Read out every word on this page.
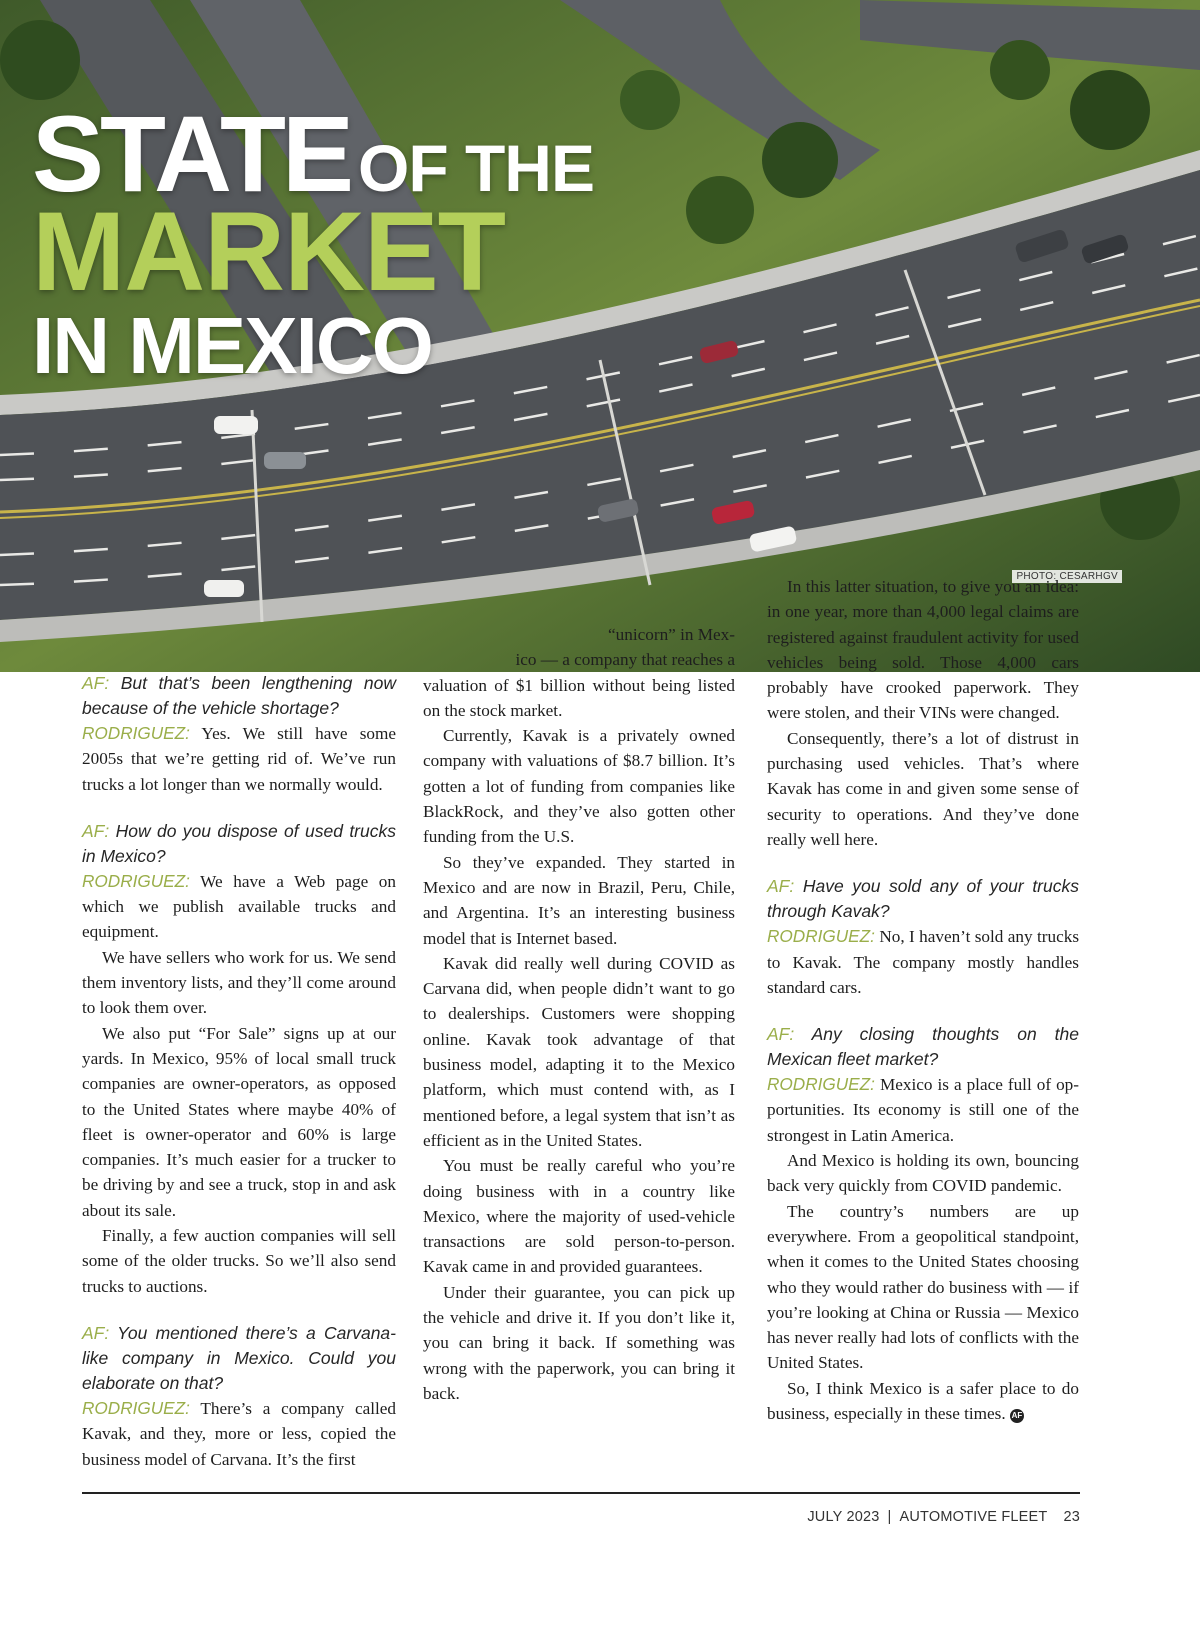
STATE OF THE
MARKET
IN MEXICO
PHOTO: CESARHGV

AF: But that’s been lengthening now because of the vehicle shortage?

RODRIGUEZ: Yes. We still have some 2005s that we’re getting rid of. We’ve run trucks a lot longer than we normally would.

AF: How do you dispose of used trucks in Mexico?

RODRIGUEZ: We have a Web page on which we publish available trucks and equipment.

We have sellers who work for us. We send them inventory lists, and they’ll come around to look them over.

We also put “For Sale” signs up at our yards. In Mexico, 95% of local small truck companies are owner-operators, as opposed to the United States where maybe 40% of fleet is owner-operator and 60% is large companies. It’s much easier for a trucker to be driving by and see a truck, stop in and ask about its sale.

Finally, a few auction companies will sell some of the older trucks. So we’ll also send trucks to auctions.

AF: You mentioned there’s a Carvana-like company in Mexico. Could you elaborate on that?

RODRIGUEZ: There’s a company called Kavak, and they, more or less, copied the business model of Carvana. It’s the first

“unicorn” in Mex-

ico — a company that reaches a

valuation of $1 billion without being listed on the stock market.

Currently, Kavak is a privately owned company with valuations of $8.7 billion. It’s gotten a lot of funding from companies like BlackRock, and they’ve also gotten other funding from the U.S.

So they’ve expanded. They started in Mexico and are now in Brazil, Peru, Chile, and Argentina. It’s an interesting business model that is Internet based.

Kavak did really well during COVID as Carvana did, when people didn’t want to go to dealerships. Customers were shopping online. Kavak took advantage of that business model, adapting it to the Mexico platform, which must contend with, as I mentioned before, a legal system that isn’t as efficient as in the United States.

You must be really careful who you’re doing business with in a country like Mexico, where the majority of used-vehicle transactions are sold person-to-person. Kavak came in and provided guarantees.

Under their guarantee, you can pick up the vehicle and drive it. If you don’t like it, you can bring it back. If something was wrong with the paperwork, you can bring it back.

In this latter situation, to give you an idea: in one year, more than 4,000 legal claims are registered against fraudulent activity for used vehicles being sold. Those 4,000 cars probably have crooked paperwork. They were stolen, and their VINs were changed.

Consequently, there’s a lot of distrust in purchasing used vehicles. That’s where Kavak has come in and given some sense of security to operations. And they’ve done really well here.

AF: Have you sold any of your trucks through Kavak?

RODRIGUEZ: No, I haven’t sold any trucks to Kavak. The company mostly handles standard cars.

AF: Any closing thoughts on the Mexican fleet market?

RODRIGUEZ: Mexico is a place full of opportunities. Its economy is still one of the strongest in Latin America.

And Mexico is holding its own, bouncing back very quickly from COVID pandemic.

The country’s numbers are up everywhere. From a geopolitical standpoint, when it comes to the United States choosing who they would rather do business with — if you’re looking at China or Russia — Mexico has never really had lots of conflicts with the United States.

So, I think Mexico is a safer place to do business, especially in these times. AF

JULY 2023 | AUTOMOTIVE FLEET 23
